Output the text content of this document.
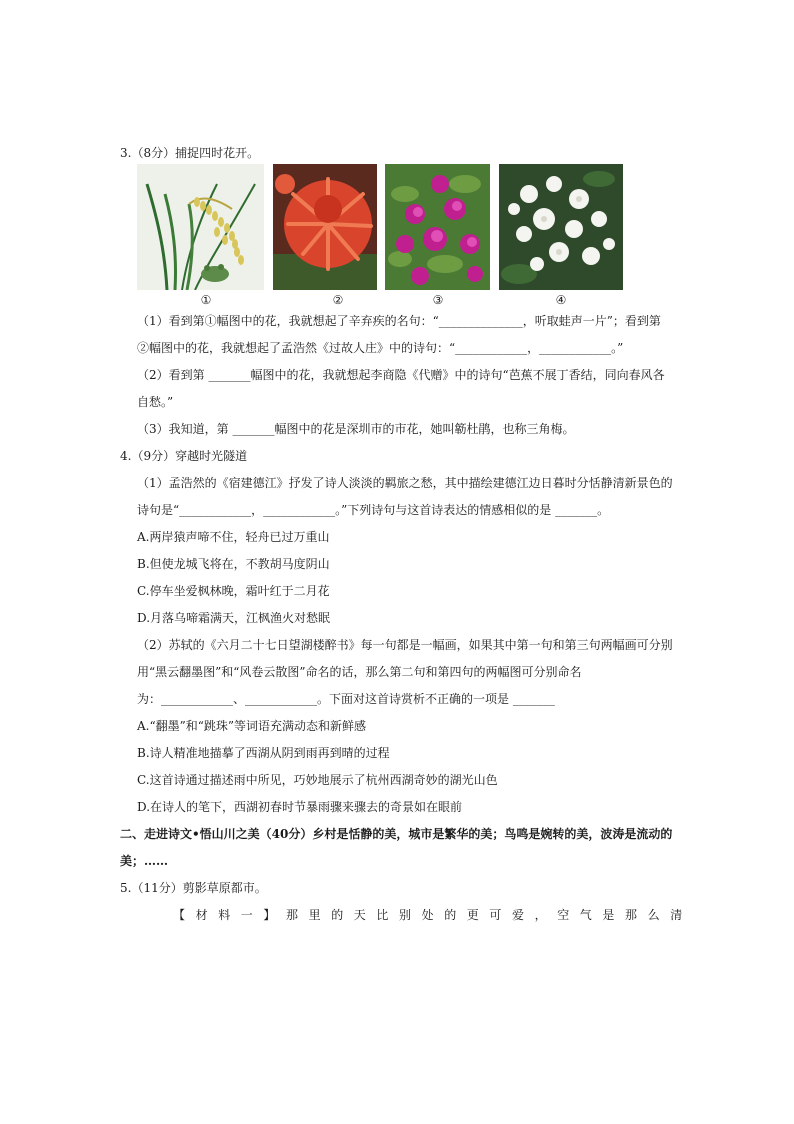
3.（8分）捕捉四时花开。
①	②	③	④
（1）看到第①幅图中的花，我就想起了辛弃疾的名句：“______________，听取蛙声一片”；看到第
②幅图中的花，我就想起了孟浩然《过故人庄》中的诗句：“____________，____________。”
（2）看到第 _______幅图中的花，我就想起李商隐《代赠》中的诗句“芭蕉不展丁香结，同向春风各
自愁。”
（3）我知道，第 _______幅图中的花是深圳市的市花，她叫簕杜鹃，也称三角梅。
4.（9分）穿越时光隧道
（1）孟浩然的《宿建德江》抒发了诗人淡淡的羁旅之愁，其中描绘建德江边日暮时分恬静清新景色的
诗句是“____________，____________。”下列诗句与这首诗表达的情感相似的是 _______。
A.两岸猿声啼不住，轻舟已过万重山
B.但使龙城飞将在，不教胡马度阴山
C.停车坐爱枫林晚，霜叶红于二月花
D.月落乌啼霜满天，江枫渔火对愁眠
（2）苏轼的《六月二十七日望湖楼醉书》每一句都是一幅画，如果其中第一句和第三句两幅画可分别
用“黑云翻墨图”和“风卷云散图”命名的话，那么第二句和第四句的两幅图可分别命名
为：____________、____________。下面对这首诗赏析不正确的一项是 _______
A.“翻墨”和“跳珠”等词语充满动态和新鲜感
B.诗人精准地描摹了西湖从阴到雨再到晴的过程
C.这首诗通过描述雨中所见，巧妙地展示了杭州西湖奇妙的湖光山色
D.在诗人的笔下，西湖初春时节暴雨骤来骤去的奇景如在眼前
二、走进诗文•悟山川之美（40分）乡村是恬静的美，城市是繁华的美；鸟鸣是婉转的美，波涛是流动的
美；……
5.（11分）剪影草原都市。
【材料一】那里的天比别处的更可爱，空气是那么清
